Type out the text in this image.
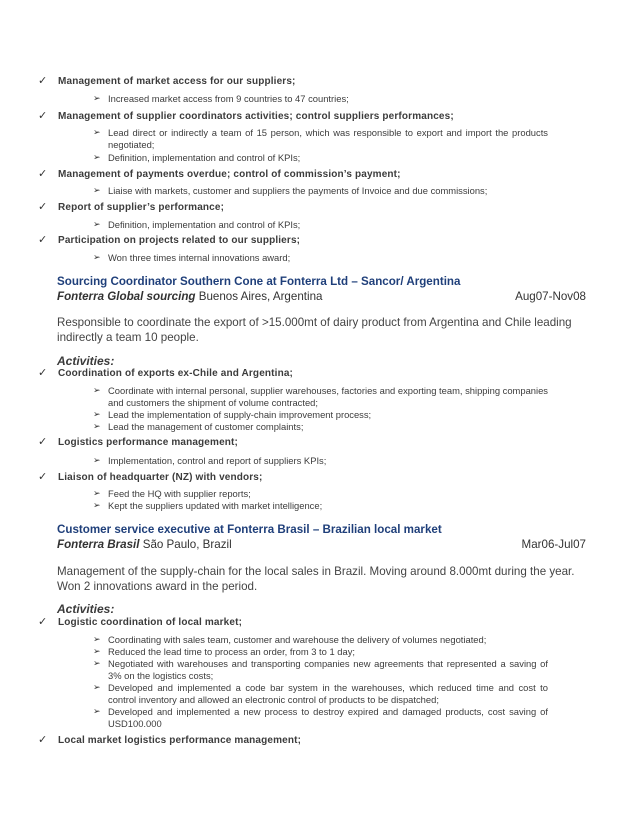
✓ Management of market access for our suppliers;
➢ Increased market access from 9 countries to 47 countries;
✓ Management of supplier coordinators activities; control suppliers performances;
➢ Lead direct or indirectly a team of 15 person, which was responsible to export and import the products negotiated;
➢ Definition, implementation and control of KPIs;
✓ Management of payments overdue; control of commission’s payment;
➢ Liaise with markets, customer and suppliers the payments of Invoice and due commissions;
✓ Report of supplier’s performance;
➢ Definition, implementation and control of KPIs;
✓ Participation on projects related to our suppliers;
➢ Won three times internal innovations award;
Sourcing Coordinator Southern Cone at Fonterra Ltd – Sancor/ Argentina
Fonterra Global sourcing Buenos Aires, Argentina	Aug07-Nov08
Responsible to coordinate the export of >15.000mt of dairy product from Argentina and Chile leading indirectly a team 10 people.
Activities:
✓ Coordination of exports ex-Chile and Argentina;
➢ Coordinate with internal personal, supplier warehouses, factories and exporting team, shipping companies and customers the shipment of volume contracted;
➢ Lead the implementation of supply-chain improvement process;
➢ Lead the management of customer complaints;
✓ Logistics performance management;
➢ Implementation, control and report of suppliers KPIs;
✓ Liaison of headquarter (NZ) with vendors;
➢ Feed the HQ with supplier reports;
➢ Kept the suppliers updated with market intelligence;
Customer service executive at Fonterra Brasil – Brazilian local market
Fonterra Brasil São Paulo, Brazil	Mar06-Jul07
Management of the supply-chain for the local sales in Brazil. Moving around 8.000mt during the year. Won 2 innovations award in the period.
Activities:
✓ Logistic coordination of local market;
➢ Coordinating with sales team, customer and warehouse the delivery of volumes negotiated;
➢ Reduced the lead time to process an order, from 3 to 1 day;
➢ Negotiated with warehouses and transporting companies new agreements that represented a saving of 3% on the logistics costs;
➢ Developed and implemented a code bar system in the warehouses, which reduced time and cost to control inventory and allowed an electronic control of products to be dispatched;
➢ Developed and implemented a new process to destroy expired and damaged products, cost saving of USD100.000
✓ Local market logistics performance management;
